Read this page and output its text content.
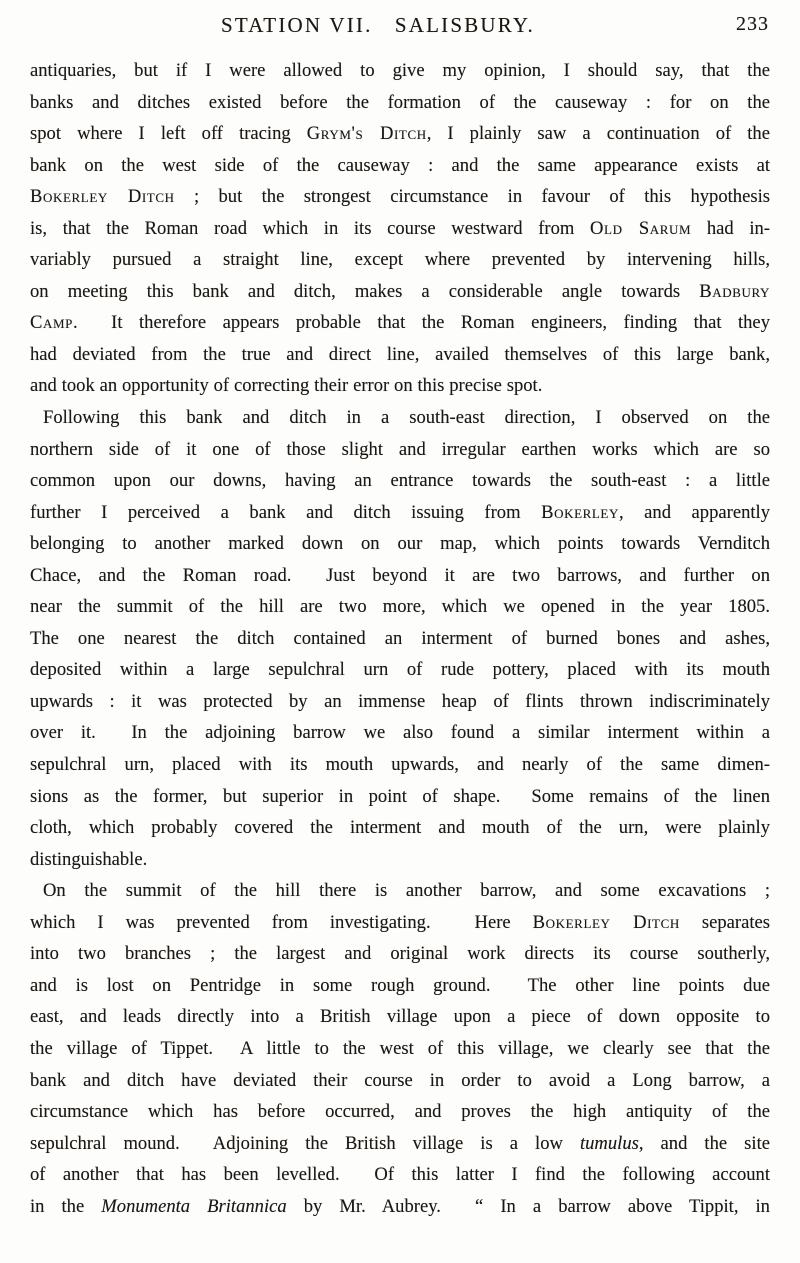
STATION VII.   SALISBURY.	233
antiquaries, but if I were allowed to give my opinion, I should say, that the
banks and ditches existed before the formation of the causeway : for on the
spot where I left off tracing Grym's Ditch, I plainly saw a continuation of the
bank on the west side of the causeway : and the same appearance exists at
Bokerley Ditch ; but the strongest circumstance in favour of this hypothesis
is, that the Roman road which in its course westward from Old Sarum had in-
variably pursued a straight line, except where prevented by intervening hills,
on meeting this bank and ditch, makes a considerable angle towards Badbury
Camp.  It therefore appears probable that the Roman engineers, finding that they
had deviated from the true and direct line, availed themselves of this large bank,
and took an opportunity of correcting their error on this precise spot.
Following this bank and ditch in a south-east direction, I observed on the
northern side of it one of those slight and irregular earthen works which are so
common upon our downs, having an entrance towards the south-east : a little
further I perceived a bank and ditch issuing from Bokerley, and apparently
belonging to another marked down on our map, which points towards Vernditch
Chace, and the Roman road.  Just beyond it are two barrows, and further on
near the summit of the hill are two more, which we opened in the year 1805.
The one nearest the ditch contained an interment of burned bones and ashes,
deposited within a large sepulchral urn of rude pottery, placed with its mouth
upwards : it was protected by an immense heap of flints thrown indiscriminately
over it.  In the adjoining barrow we also found a similar interment within a
sepulchral urn, placed with its mouth upwards, and nearly of the same dimen-
sions as the former, but superior in point of shape.  Some remains of the linen
cloth, which probably covered the interment and mouth of the urn, were plainly
distinguishable.
On the summit of the hill there is another barrow, and some excavations ;
which I was prevented from investigating.  Here Bokerley Ditch separates
into two branches ; the largest and original work directs its course southerly,
and is lost on Pentridge in some rough ground.  The other line points due
east, and leads directly into a British village upon a piece of down opposite to
the village of Tippet.  A little to the west of this village, we clearly see that the
bank and ditch have deviated their course in order to avoid a Long barrow, a
circumstance which has before occurred, and proves the high antiquity of the
sepulchral mound.  Adjoining the British village is a low tumulus, and the site
of another that has been levelled.  Of this latter I find the following account
in the Monumenta Britannica by Mr. Aubrey.  “ In a barrow above Tippit, in
